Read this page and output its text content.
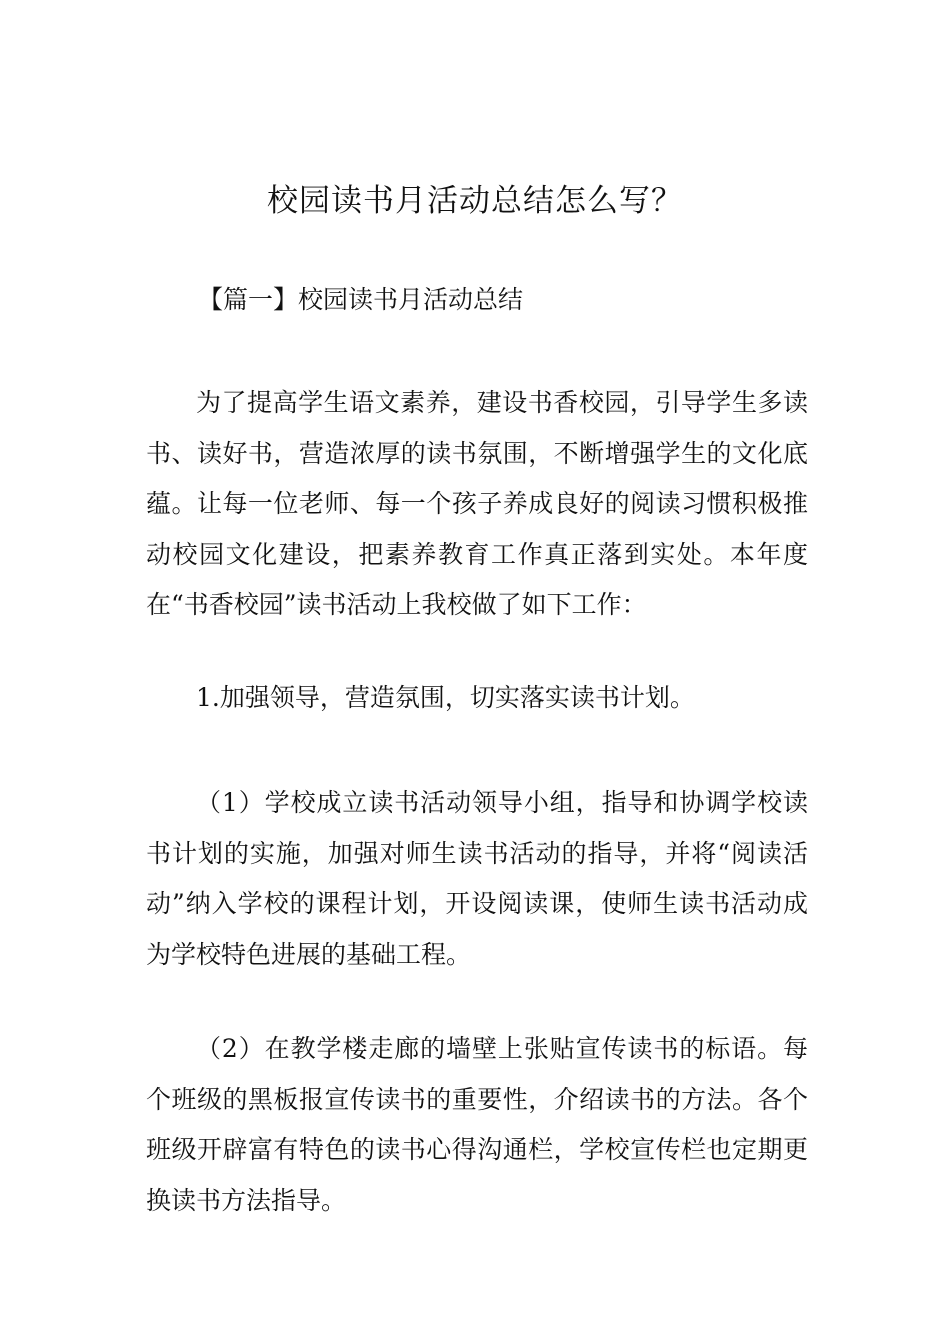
校园读书月活动总结怎么写？

【篇一】校园读书月活动总结

为了提高学生语文素养，建设书香校园，引导学生多读书、读好书，营造浓厚的读书氛围，不断增强学生的文化底蕴。让每一位老师、每一个孩子养成良好的阅读习惯积极推动校园文化建设，把素养教育工作真正落到实处。本年度在“书香校园”读书活动上我校做了如下工作：

1.加强领导，营造氛围，切实落实读书计划。

（1）学校成立读书活动领导小组，指导和协调学校读书计划的实施，加强对师生读书活动的指导，并将“阅读活动”纳入学校的课程计划，开设阅读课，使师生读书活动成为学校特色进展的基础工程。

（2）在教学楼走廊的墙壁上张贴宣传读书的标语。每个班级的黑板报宣传读书的重要性，介绍读书的方法。各个班级开辟富有特色的读书心得沟通栏，学校宣传栏也定期更换读书方法指导。
